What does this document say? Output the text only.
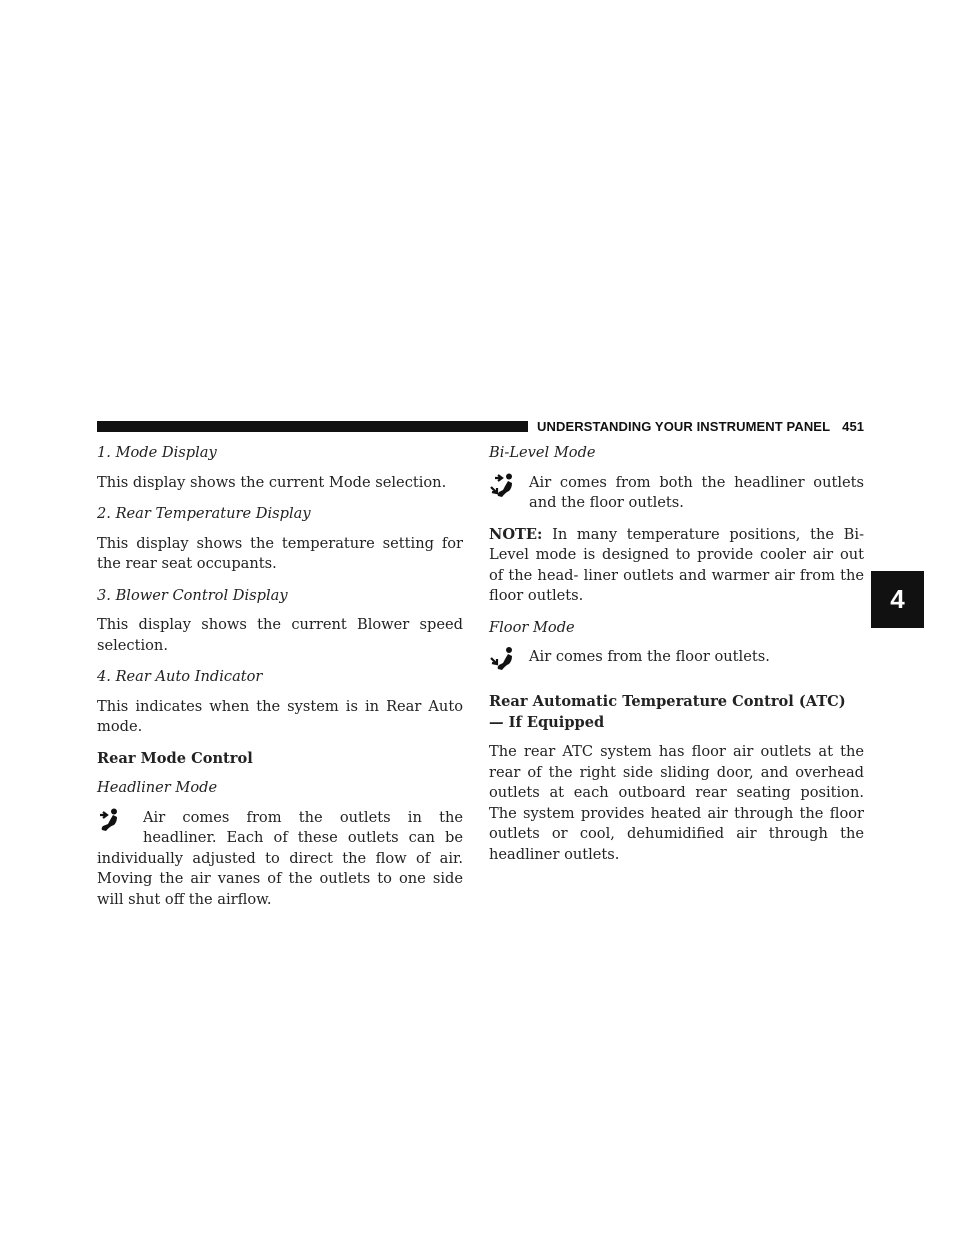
UNDERSTANDING YOUR INSTRUMENT PANEL 451
4

1. Mode Display

This display shows the current Mode selection.

2. Rear Temperature Display

This display shows the temperature setting for the rear seat occupants.

3. Blower Control Display

This display shows the current Blower speed selection.

4. Rear Auto Indicator

This indicates when the system is in Rear Auto mode.

Rear Mode Control

Headliner Mode

Air comes from the outlets in the headliner. Each of these outlets can be individually adjusted to direct the flow of air. Moving the air vanes of the outlets to one side will shut off the airflow.

Bi-Level Mode

Air comes from both the headliner outlets and the floor outlets.

NOTE: In many temperature positions, the Bi-Level mode is designed to provide cooler air out of the head- liner outlets and warmer air from the floor outlets.

Floor Mode

Air comes from the floor outlets.

Rear Automatic Temperature Control (ATC) — If Equipped

The rear ATC system has floor air outlets at the rear of the right side sliding door, and overhead outlets at each outboard rear seating position. The system provides heated air through the floor outlets or cool, dehumidified air through the headliner outlets.
